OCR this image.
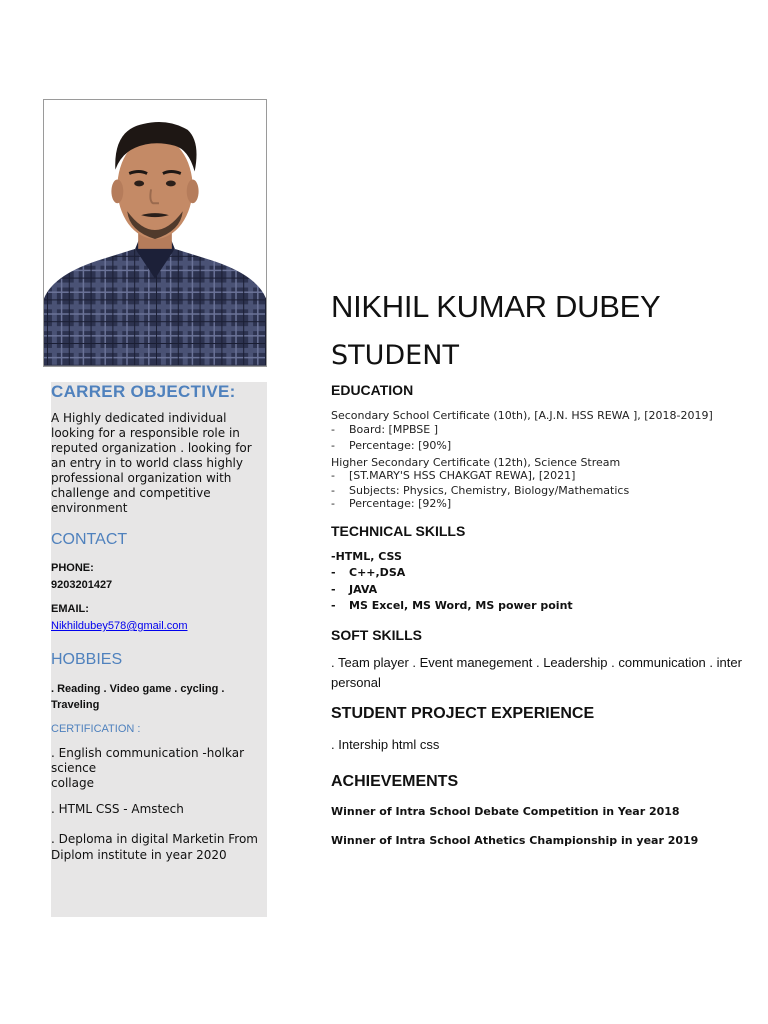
CARRER OBJECTIVE:
A Highly dedicated individual
looking for a responsible role in
reputed organization . looking for
an entry in to world class highly
professional organization with
challenge and competitive
environment
CONTACT
PHONE:
9203201427
EMAIL:
Nikhildubey578@gmail.com
HOBBIES
. Reading . Video game . cycling .
Traveling
CERTIFICATION :
. English communication -holkar
science
collage
. HTML CSS - Amstech
. Deploma in digital Marketin From
Diplom institute in year 2020
NIKHIL KUMAR DUBEY
STUDENT
EDUCATION
Secondary School Certificate (10th), [A.J.N. HSS REWA ], [2018-2019]
- Board: [MPBSE ]
- Percentage: [90%]
Higher Secondary Certificate (12th), Science Stream
- [ST.MARY'S HSS CHAKGAT REWA], [2021]
- Subjects: Physics, Chemistry, Biology/Mathematics
- Percentage: [92%]
TECHNICAL SKILLS
-HTML, CSS
- C++,DSA
- JAVA
- MS Excel, MS Word, MS power point
SOFT SKILLS
. Team player . Event manegement . Leadership . communication . inter personal
STUDENT PROJECT EXPERIENCE
. Intership html css
ACHIEVEMENTS
Winner of Intra School Debate Competition in Year 2018
Winner of Intra School Athetics Championship in year 2019
